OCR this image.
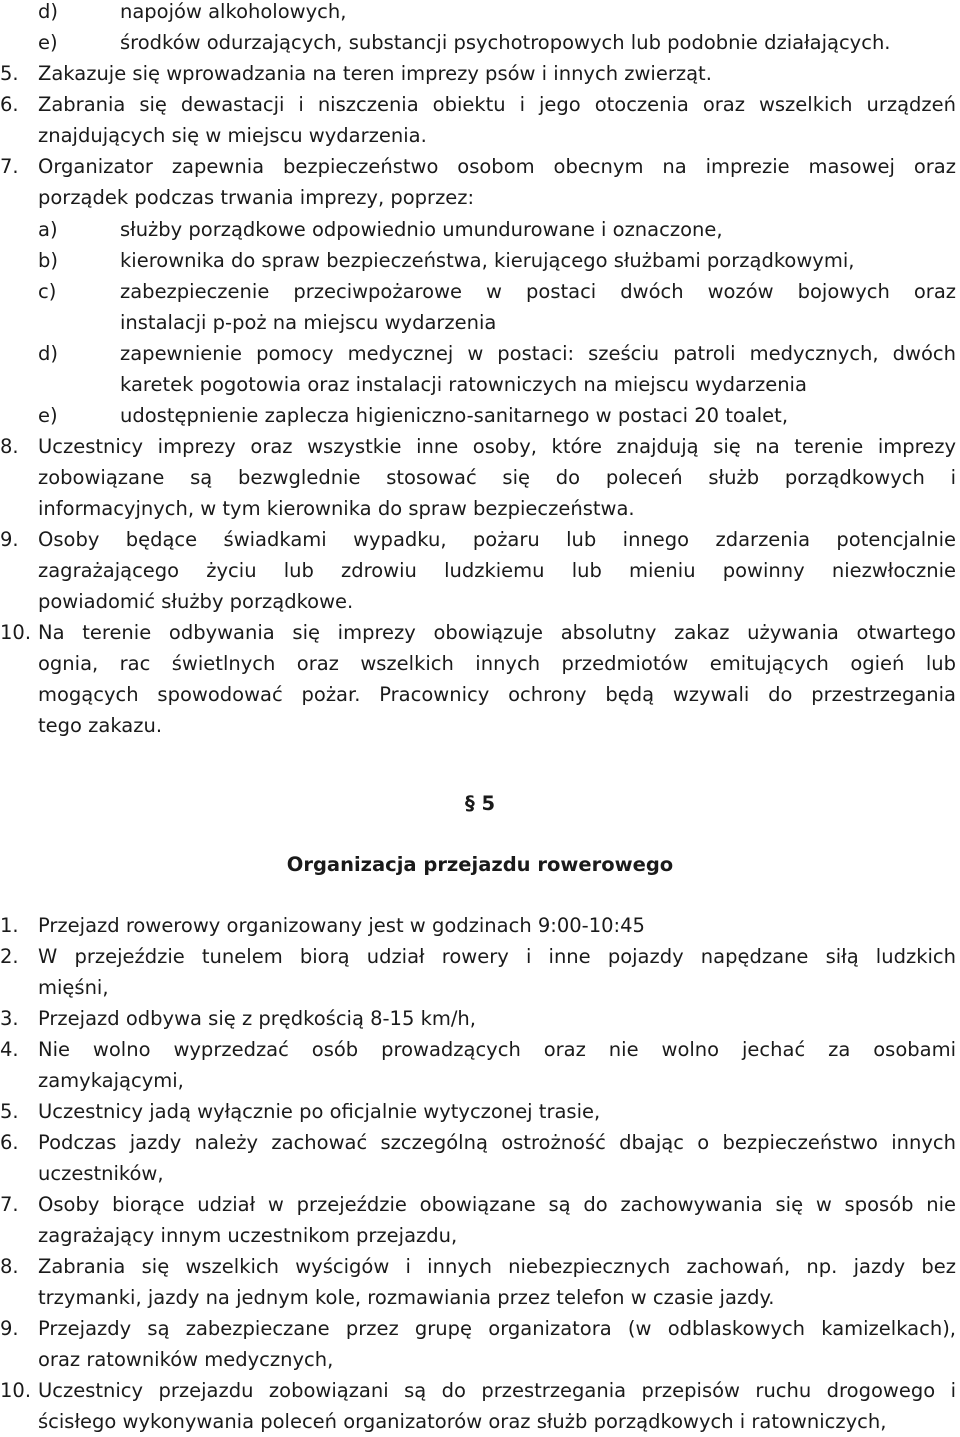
d)	napojów alkoholowych,
e)	środków odurzających, substancji psychotropowych lub podobnie działających.
5. Zakazuje się wprowadzania na teren imprezy psów i innych zwierząt.
6. Zabrania się dewastacji i niszczenia obiektu i jego otoczenia oraz wszelkich urządzeń
znajdujących się w miejscu wydarzenia.
7. Organizator zapewnia bezpieczeństwo osobom obecnym na imprezie masowej oraz
porządek podczas trwania imprezy, poprzez:
a)	służby porządkowe odpowiednio umundurowane i oznaczone,
b)	kierownika do spraw bezpieczeństwa, kierującego służbami porządkowymi,
c)	zabezpieczenie przeciwpożarowe w postaci dwóch wozów bojowych oraz
instalacji p-poż na miejscu wydarzenia
d)	zapewnienie pomocy medycznej w postaci: sześciu patroli medycznych, dwóch
karetek pogotowia oraz instalacji ratowniczych na miejscu wydarzenia
e)	udostępnienie zaplecza higieniczno-sanitarnego w postaci 20 toalet,
8. Uczestnicy imprezy oraz wszystkie inne osoby, które znajdują się na terenie imprezy
zobowiązane są bezwglednie stosować się do poleceń służb porządkowych i
informacyjnych, w tym kierownika do spraw bezpieczeństwa.
9. Osoby będące świadkami wypadku, pożaru lub innego zdarzenia potencjalnie
zagrażającego życiu lub zdrowiu ludzkiemu lub mieniu powinny niezwłocznie
powiadomić służby porządkowe.
10. Na terenie odbywania się imprezy obowiązuje absolutny zakaz używania otwartego
ognia, rac świetlnych oraz wszelkich innych przedmiotów emitujących ogień lub
mogących spowodować pożar. Pracownicy ochrony będą wzywali do przestrzegania
tego zakazu.
§ 5
Organizacja przejazdu rowerowego
1. Przejazd rowerowy organizowany jest w godzinach 9:00-10:45
2. W przejeździe tunelem biorą udział rowery i inne pojazdy napędzane siłą ludzkich
mięśni,
3. Przejazd odbywa się z prędkością 8-15 km/h,
4. Nie wolno wyprzedzać osób prowadzących oraz nie wolno jechać za osobami
zamykającymi,
5. Uczestnicy jadą wyłącznie po oficjalnie wytyczonej trasie,
6. Podczas jazdy należy zachować szczególną ostrożność dbając o bezpieczeństwo innych
uczestników,
7. Osoby biorące udział w przejeździe obowiązane są do zachowywania się w sposób nie
zagrażający innym uczestnikom przejazdu,
8. Zabrania się wszelkich wyścigów i innych niebezpiecznych zachowań, np. jazdy bez
trzymanki, jazdy na jednym kole, rozmawiania przez telefon w czasie jazdy.
9. Przejazdy są zabezpieczane przez grupę organizatora (w odblaskowych kamizelkach),
oraz ratowników medycznych,
10. Uczestnicy przejazdu zobowiązani są do przestrzegania przepisów ruchu drogowego i
ścisłego wykonywania poleceń organizatorów oraz służb porządkowych i ratowniczych,
